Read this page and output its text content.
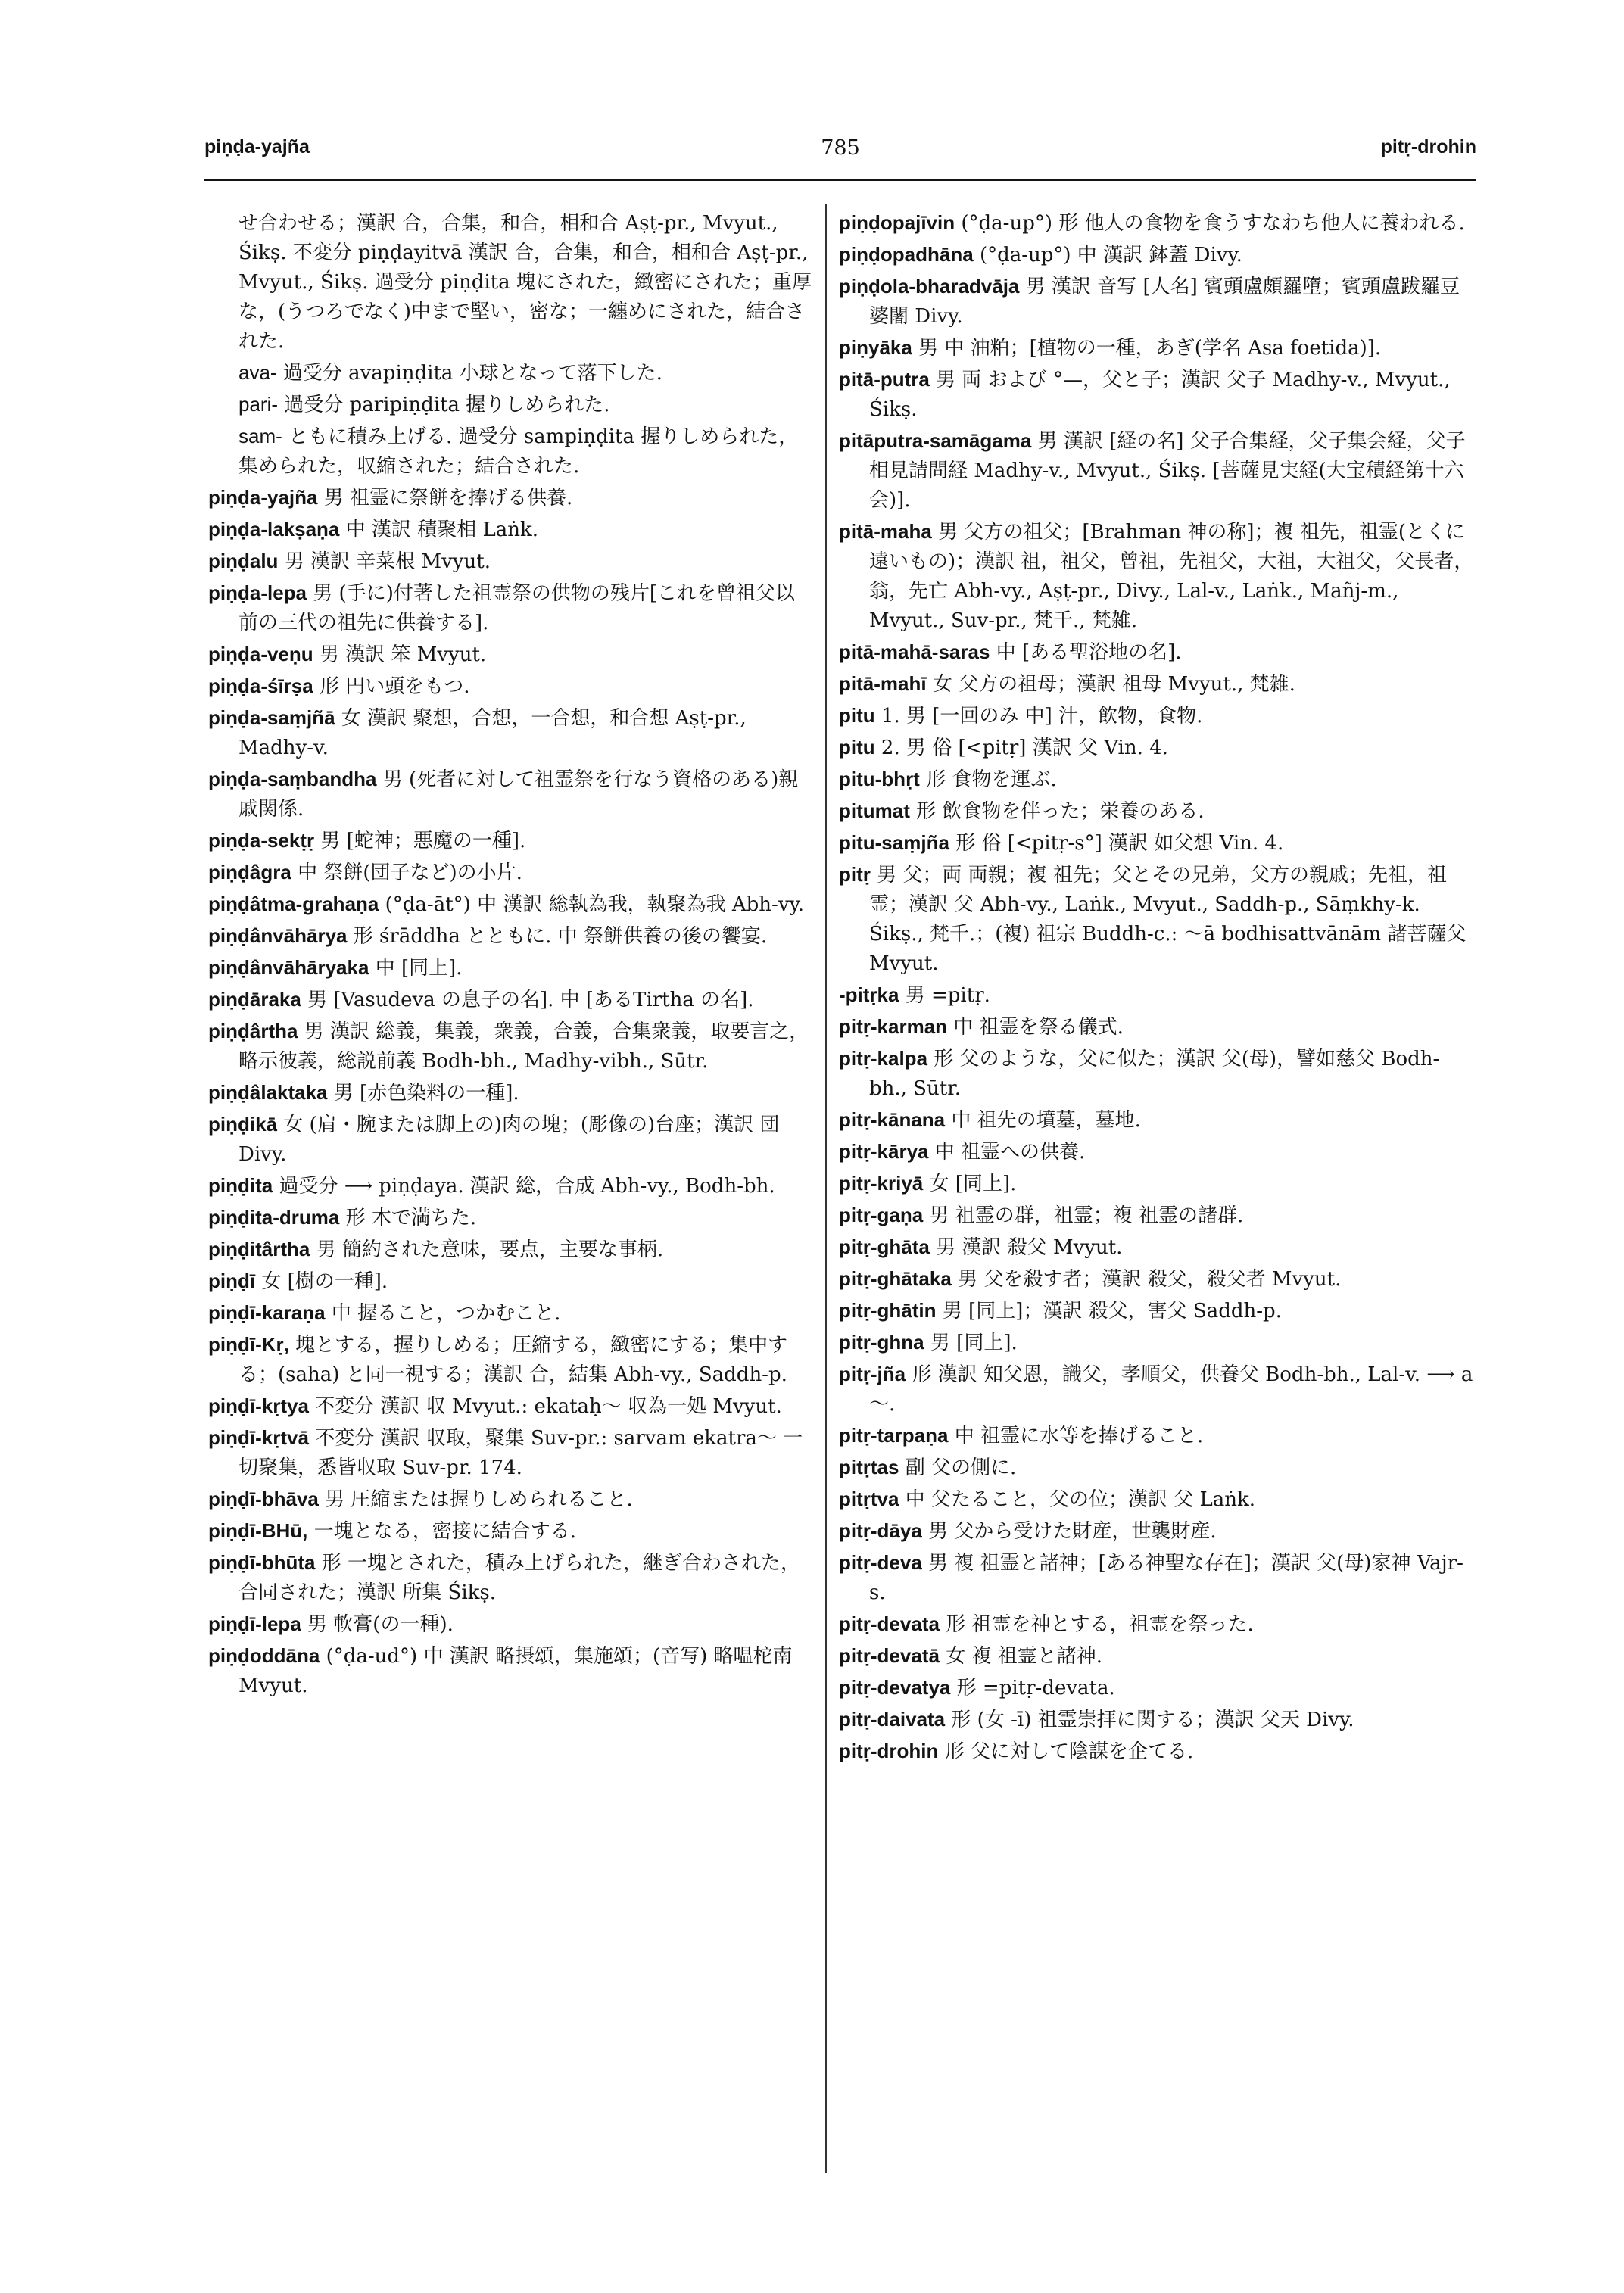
piṇḍa-yajña	785	pitṛ-drohin
せ合わせる；漢訳 合，合集，和合，相和合 Aṣṭ-pr., Mvyut., Śikṣ. 不変分 piṇḍayitvā 漢訳 合，合集，和合，相和合 Aṣṭ-pr., Mvyut., Śikṣ. 過受分 piṇḍita 塊にされた，緻密にされた；重厚な，(うつろでなく)中まで堅い，密な；一纏めにされた，結合された.
ava- 過受分 avapiṇḍita 小球となって落下した.
pari- 過受分 paripiṇḍita 握りしめられた.
sam- ともに積み上げる. 過受分 sampiṇḍita 握りしめられた，集められた，収縮された；結合された.
piṇḍa-yajña 男 祖霊に祭餅を捧げる供養.
piṇḍa-lakṣaṇa 中 漢訳 積聚相 Laṅk.
piṇḍalu 男 漢訳 辛菜根 Mvyut.
piṇḍa-lepa 男 (手に)付著した祖霊祭の供物の残片[これを曾祖父以前の三代の祖先に供養する].
piṇḍa-veṇu 男 漢訳 笨 Mvyut.
piṇḍa-śīrṣa 形 円い頭をもつ.
piṇḍa-saṃjñā 女 漢訳 聚想，合想，一合想，和合想 Aṣṭ-pr., Madhy-v.
piṇḍa-saṃbandha 男 (死者に対して祖霊祭を行なう資格のある)親戚関係.
piṇḍa-sekṭṛ 男 [蛇神；悪魔の一種].
piṇḍâgra 中 祭餅(団子など)の小片.
piṇḍâtma-grahaṇa (°ḍa-āt°) 中 漢訳 総執為我，執聚為我 Abh-vy.
piṇḍânvāhārya 形 śrāddha とともに. 中 祭餅供養の後の饗宴.
piṇḍânvāhāryaka 中 [同上].
piṇḍāraka 男 [Vasudeva の息子の名]. 中 [あるTirtha の名].
piṇḍârtha 男 漢訳 総義，集義，衆義，合義，合集衆義，取要言之，略示彼義，総説前義 Bodh-bh., Madhy-vibh., Sūtr.
piṇḍâlaktaka 男 [赤色染料の一種].
piṇḍikā 女 (肩・腕または脚上の)肉の塊；(彫像の)台座；漢訳 団 Divy.
piṇḍita 過受分 ⟶ piṇḍaya. 漢訳 総，合成 Abh-vy., Bodh-bh.
piṇḍita-druma 形 木で満ちた.
piṇḍitârtha 男 簡約された意味，要点，主要な事柄.
piṇḍī 女 [樹の一種].
piṇḍī-karaṇa 中 握ること，つかむこと.
piṇḍī-Kṛ, 塊とする，握りしめる；圧縮する，緻密にする；集中する；(saha) と同一視する；漢訳 合，結集 Abh-vy., Saddh-p.
piṇḍī-kṛtya 不変分 漢訳 収 Mvyut.: ekataḥ～ 収為一処 Mvyut.
piṇḍī-kṛtvā 不変分 漢訳 収取，聚集 Suv-pr.: sarvam ekatra～ 一切聚集，悉皆収取 Suv-pr. 174.
piṇḍī-bhāva 男 圧縮または握りしめられること.
piṇḍī-BHū, 一塊となる，密接に結合する.
piṇḍī-bhūta 形 一塊とされた，積み上げられた，継ぎ合わされた，合同された；漢訳 所集 Śikṣ.
piṇḍī-lepa 男 軟膏(の一種).
piṇḍoddāna (°ḍa-ud°) 中 漢訳 略摂頌，集施頌；(音写) 略嗢柁南 Mvyut.
piṇḍopajīvin (°ḍa-up°) 形 他人の食物を食うすなわち他人に養われる.
piṇḍopadhāna (°ḍa-up°) 中 漢訳 鉢蓋 Divy.
piṇḍola-bharadvāja 男 漢訳 音写 [人名] 賓頭盧頗羅墮；賓頭盧跋羅豆婆闍 Divy.
piṇyāka 男 中 油粕；[植物の一種，あぎ(学名 Asa foetida)].
pitā-putra 男 両 および °—，父と子；漢訳 父子 Madhy-v., Mvyut., Śikṣ.
pitāputra-samāgama 男 漢訳 [経の名] 父子合集経，父子集会経，父子相見請問経 Madhy-v., Mvyut., Śikṣ. [菩薩見実経(大宝積経第十六会)].
pitā-maha 男 父方の祖父；[Brahman 神の称]；複 祖先，祖霊(とくに遠いもの)；漢訳 祖，祖父，曾祖，先祖父，大祖，大祖父，父長者，翁，先亡 Abh-vy., Aṣṭ-pr., Divy., Lal-v., Laṅk., Mañj-m., Mvyut., Suv-pr., 梵千., 梵雑.
pitā-mahā-saras 中 [ある聖浴地の名].
pitā-mahī 女 父方の祖母；漢訳 祖母 Mvyut., 梵雑.
pitu 1. 男 [一回のみ 中] 汁，飲物，食物.
pitu 2. 男 俗 [<pitṛ] 漢訳 父 Vin. 4.
pitu-bhṛt 形 食物を運ぶ.
pitumat 形 飲食物を伴った；栄養のある.
pitu-saṃjña 形 俗 [<pitṛ-s°] 漢訳 如父想 Vin. 4.
pitṛ 男 父；両 両親；複 祖先；父とその兄弟，父方の親戚；先祖，祖霊；漢訳 父 Abh-vy., Laṅk., Mvyut., Saddh-p., Sāṃkhy-k. Śikṣ., 梵千.；(複) 祖宗 Buddh-c.: ～ā bodhisattvānām 諸菩薩父 Mvyut.
-pitṛka 男 =pitṛ.
pitṛ-karman 中 祖霊を祭る儀式.
pitṛ-kalpa 形 父のような，父に似た；漢訳 父(母)，譬如慈父 Bodh-bh., Sūtr.
pitṛ-kānana 中 祖先の墳墓，墓地.
pitṛ-kārya 中 祖霊への供養.
pitṛ-kriyā 女 [同上].
pitṛ-gaṇa 男 祖霊の群，祖霊；複 祖霊の諸群.
pitṛ-ghāta 男 漢訳 殺父 Mvyut.
pitṛ-ghātaka 男 父を殺す者；漢訳 殺父，殺父者 Mvyut.
pitṛ-ghātin 男 [同上]；漢訳 殺父，害父 Saddh-p.
pitṛ-ghna 男 [同上].
pitṛ-jña 形 漢訳 知父恩，識父，孝順父，供養父 Bodh-bh., Lal-v. ⟶ a～.
pitṛ-tarpaṇa 中 祖霊に水等を捧げること.
pitṛtas 副 父の側に.
pitṛtva 中 父たること，父の位；漢訳 父 Laṅk.
pitṛ-dāya 男 父から受けた財産，世襲財産.
pitṛ-deva 男 複 祖霊と諸神；[ある神聖な存在]；漢訳 父(母)家神 Vajr-s.
pitṛ-devata 形 祖霊を神とする，祖霊を祭った.
pitṛ-devatā 女 複 祖霊と諸神.
pitṛ-devatya 形 =pitṛ-devata.
pitṛ-daivata 形 (女 -ī) 祖霊崇拝に関する；漢訳 父天 Divy.
pitṛ-drohin 形 父に対して陰謀を企てる.
